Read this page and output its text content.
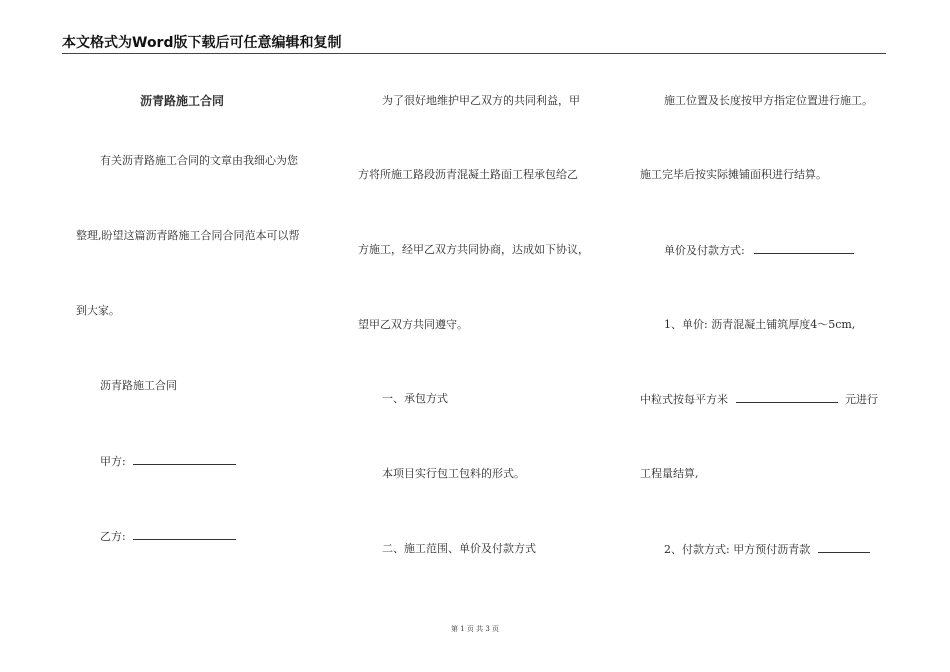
本文格式为Word版下载后可任意编辑和复制
沥青路施工合同
有关沥青路施工合同的文章由我细心为您
整理,盼望这篇沥青路施工合同合同范本可以帮
到大家。
沥青路施工合同
甲方:
乙方:
为了很好地维护甲乙双方的共同利益，甲
方将所施工路段沥青混凝土路面工程承包给乙
方施工，经甲乙双方共同协商，达成如下协议，
望甲乙双方共同遵守。
一、承包方式
本项目实行包工包料的形式。
二、施工范围、单价及付款方式
施工位置及长度按甲方指定位置进行施工。
施工完毕后按实际摊铺面积进行结算。
单价及付款方式:
1、单价: 沥青混凝土铺筑厚度4～5cm,
中粒式按每平方米	元进行
工程量结算,
2、付款方式: 甲方预付沥青款
第 1 页 共 3 页
